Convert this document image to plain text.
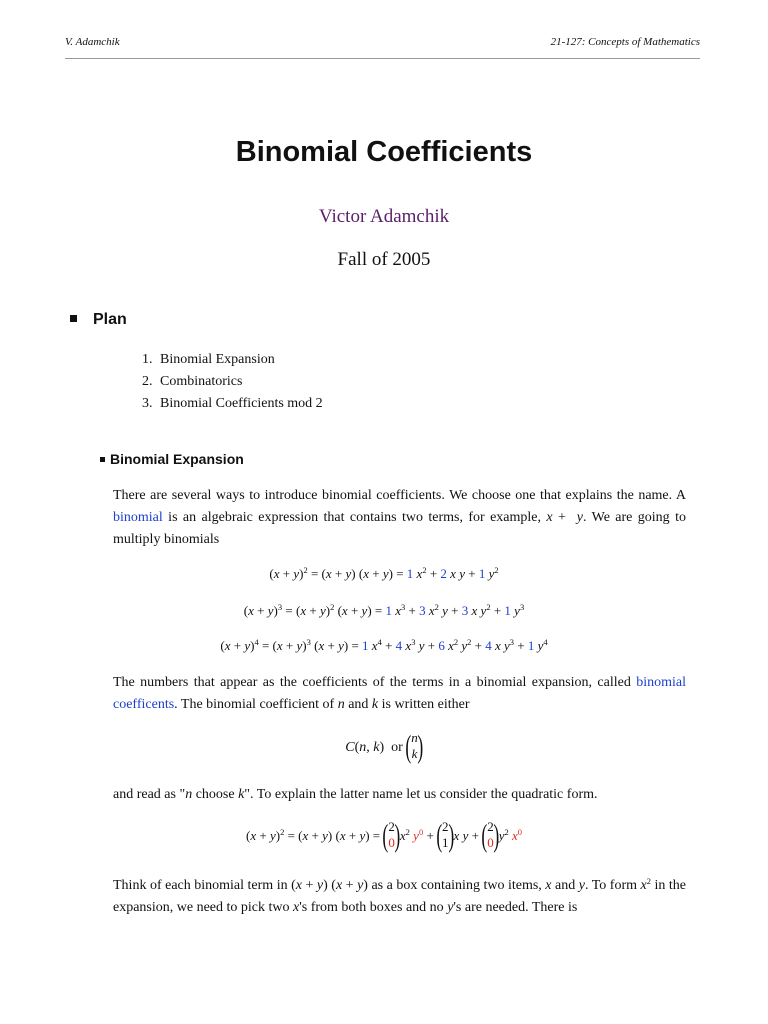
V. Adamchik	21-127: Concepts of Mathematics
Binomial Coefficients
Victor Adamchik
Fall of 2005
Plan
1. Binomial Expansion
2. Combinatorics
3. Binomial Coefficients mod 2
Binomial Expansion
There are several ways to introduce binomial coefficients. We choose one that explains the name. A binomial is an algebraic expression that contains two terms, for example, x +  y. We are going to multiply binomials
$(x + y)^2 = (x + y)$ (x + y) = 1 $x^2 + 2$ x y + 1 $y^2$
$(x + y)^3 = (x + y)^2$ (x + y) = 1 $x^3 + 3$ $x^2$ y + 3 x $y^2 + 1$ $y^3$
$(x + y)^4 = (x + y)^3$ (x + y) = 1 $x^4 + 4$ $x^3$ y + 6 $x^2$ $y^2 + 4$ x $y^3 + 1$ $y^4$
The numbers that appear as the coefficients of the terms in a binomial expansion, called binomial coefficents. The binomial coefficient of n and k is written either
C(n, k)  or ( n
k )
and read as "n choose k". To explain the latter name let us consider the quadratic form.
$(x + y)^2 = (x + y)$ (x + y) = ( 2
0 ) $x^2$ $y^0$ + ( 2
1 ) x y + ( 2
0 ) $y^2$ $x^0$
Think of each binomial term in (x + y) (x + y) as a box containing two items, x and y. To form $x^2$ in the expansion, we need to pick two x's from both boxes and no y's are needed. There is
